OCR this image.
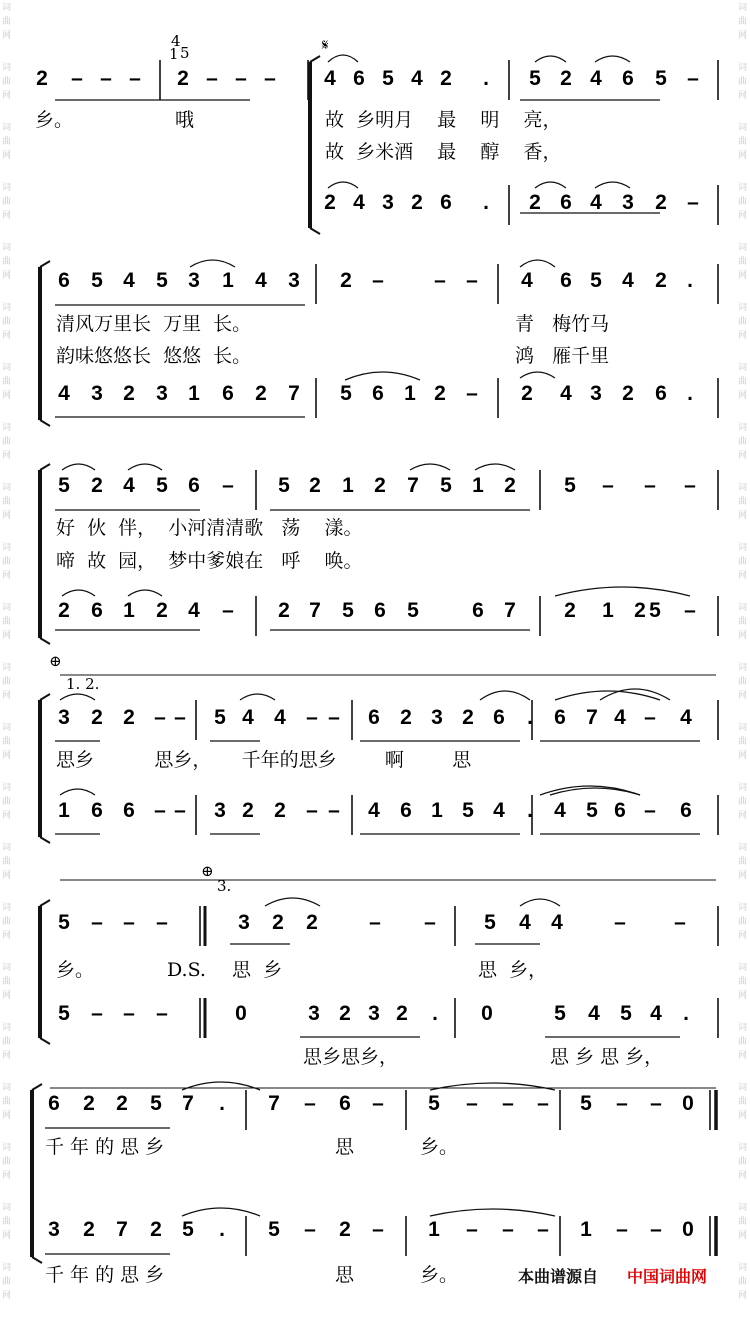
词
曲
网
词
曲
网
词
曲
网
词
曲
网
词
曲
网
词
曲
网
词
曲
网
词
曲
网
词
曲
网
词
曲
网
词
曲
网
词
曲
网
词
曲
网
词
曲
网
词
曲
网
词
曲
网
词
曲
网
词
曲
网
词
曲
网
词
曲
网
词
曲
网
词
曲
网
词
曲
网
词
曲
网
词
曲
网
词
曲
网
词
曲
网
词
曲
网
词
曲
网
词
曲
网
词
曲
网
词
曲
网
词
曲
网
词
曲
网
词
曲
网
词
曲
网
词
曲
网
词
曲
网
词
曲
网
词
曲
网
词
曲
网
词
曲
网
词
曲
网
词
曲
网
2 – – – 2 – – – 4 6 5 4 2 . 5 2 4 6 5 –
2 4 3 2 6 . 2 6 4 3 2 –
6 5 4 5 3 1 4 3 2 – – – 4 6 5 4 2 .
4 3 2 3 1 6 2 7 5 6 1 2 – 2 4 3 2 6 .
5 2 4 5 6 – 5 2 1 2 7 5 1 2 5 – – –
2 6 1 2 4 – 2 7 5 6 5	6 7 2 1 2 5 –
3 2 2 – – 5 4 4 – – 6 2 3 2 6 . 6 7 4 – 4
1 6 6 – – 3 2 2 – – 4 6 1 5 4 . 4 5 6 – 6
5 – – –	3 2 2 – – 5 4 4 – –
5 – – –	0	3 2 3 2 . 0	5 4 5 4 .
6 2 2 5 7 . 7 – 6 – 5 – – – 5 – – 0
3 2 7 2 5 . 5 – 2 – 1 – – – 1 – – 0
𝄋
4
1 5
⊕
1. 2.
⊕
3.
D.S.
乡。	哦	故  乡明月    最    明    亮，
故  乡米酒    最    醇    香，
清风万里长  万里  长。	青   梅竹马
韵味悠悠长  悠悠  长。	鸿   雁千里
好  伙  伴，  小河清清歌   荡    漾。
啼  故  园，  梦中爹娘在   呼    唤。
思乡          思乡，     千年的思乡        啊        思
乡。	思  乡	思  乡，
思乡思乡，	思 乡 思 乡，
千 年 的 思 乡	思	乡。
千 年 的 思 乡	思	乡。	本曲谱源自 中国词曲网
